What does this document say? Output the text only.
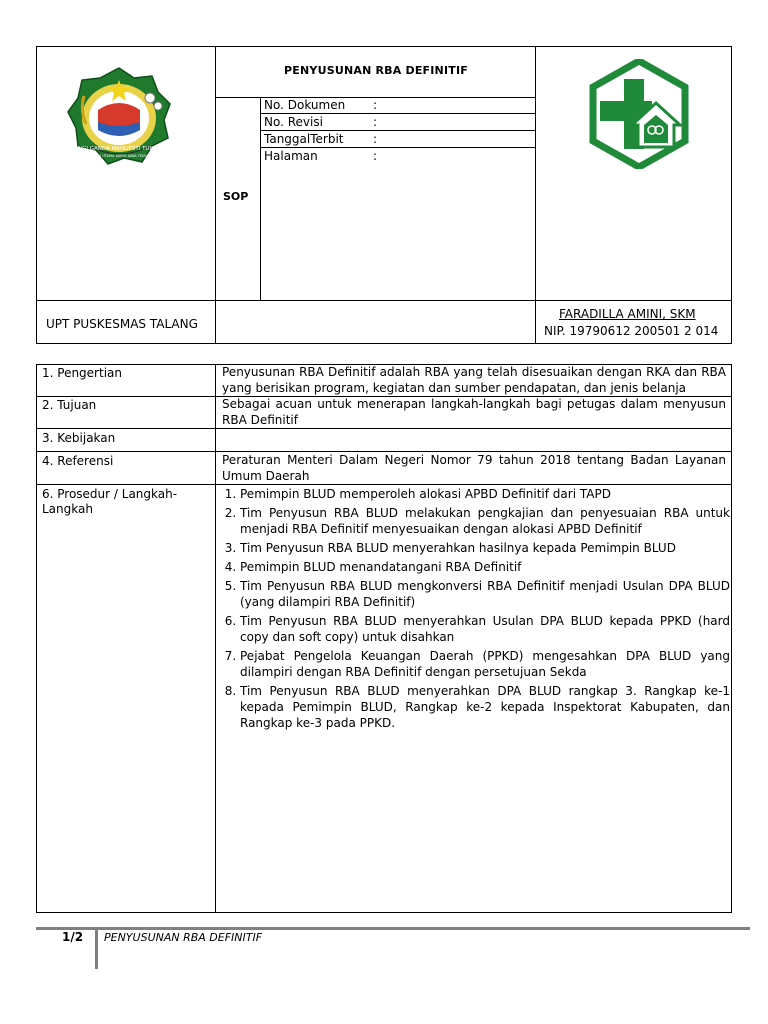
WANGI GANDA MANGESTI TUNGGAL
KOMEDO UTAMA KARYA JAWA TENGAH
PENYUSUNAN RBA DEFINITIF
No. Dokumen :
No. Revisi	:
TanggalTerbit :
Halaman	:
SOP
UPT PUSKESMAS TALANG
FARADILLA AMINI, SKM
NIP. 19790612 200501 2 014
1. Pengertian	Penyusunan RBA Definitif adalah RBA yang telah disesuaikan dengan RKA dan RBA yang berisikan program, kegiatan dan sumber pendapatan, dan jenis belanja
2. Tujuan	Sebagai acuan untuk menerapan langkah-langkah bagi petugas dalam menyusun RBA Definitif
3. Kebijakan
4. Referensi	Peraturan Menteri Dalam Negeri Nomor 79 tahun 2018 tentang Badan Layanan Umum Daerah
6. Prosedur / Langkah-Langkah
1. Pemimpin BLUD memperoleh alokasi APBD Definitif dari TAPD
2. Tim Penyusun RBA BLUD melakukan pengkajian dan penyesuaian RBA untuk menjadi RBA Definitif menyesuaikan dengan alokasi APBD Definitif
3. Tim Penyusun RBA BLUD menyerahkan hasilnya kepada Pemimpin BLUD
4. Pemimpin BLUD menandatangani RBA Definitif
5. Tim Penyusun RBA BLUD mengkonversi RBA Definitif menjadi Usulan DPA BLUD (yang dilampiri RBA Definitif)
6. Tim Penyusun RBA BLUD menyerahkan Usulan DPA BLUD kepada PPKD (hard copy dan soft copy) untuk disahkan
7. Pejabat Pengelola Keuangan Daerah (PPKD) mengesahkan DPA BLUD yang dilampiri dengan RBA Definitif dengan persetujuan Sekda
8. Tim Penyusun RBA BLUD menyerahkan DPA BLUD rangkap 3. Rangkap ke-1 kepada Pemimpin BLUD, Rangkap ke-2 kepada Inspektorat Kabupaten, dan Rangkap ke-3 pada PPKD.
1/2 PENYUSUNAN RBA DEFINITIF
